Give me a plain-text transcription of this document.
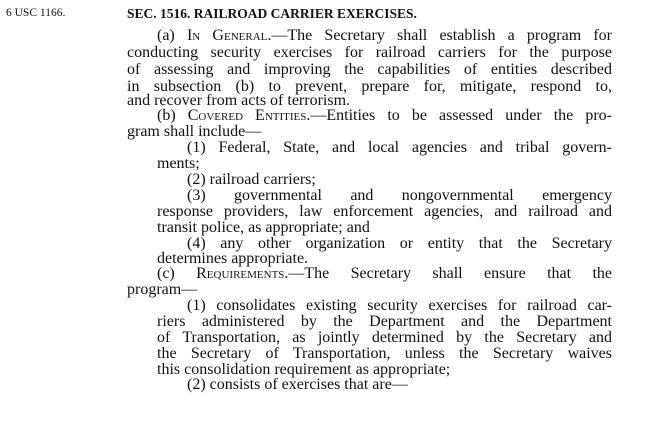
6 USC 1166.	SEC. 1516. RAILROAD CARRIER EXERCISES.
(a) In General.—The Secretary shall establish a program for
conducting security exercises for railroad carriers for the purpose
of assessing and improving the capabilities of entities described
in subsection (b) to prevent, prepare for, mitigate, respond to,
and recover from acts of terrorism.
(b) Covered Entities.—Entities to be assessed under the pro-
gram shall include—
(1) Federal, State, and local agencies and tribal govern-
ments;
(2) railroad carriers;
(3) governmental and nongovernmental emergency
response providers, law enforcement agencies, and railroad and
transit police, as appropriate; and
(4) any other organization or entity that the Secretary
determines appropriate.
(c) Requirements.—The Secretary shall ensure that the
program—
(1) consolidates existing security exercises for railroad car-
riers administered by the Department and the Department
of Transportation, as jointly determined by the Secretary and
the Secretary of Transportation, unless the Secretary waives
this consolidation requirement as appropriate;
(2) consists of exercises that are—
